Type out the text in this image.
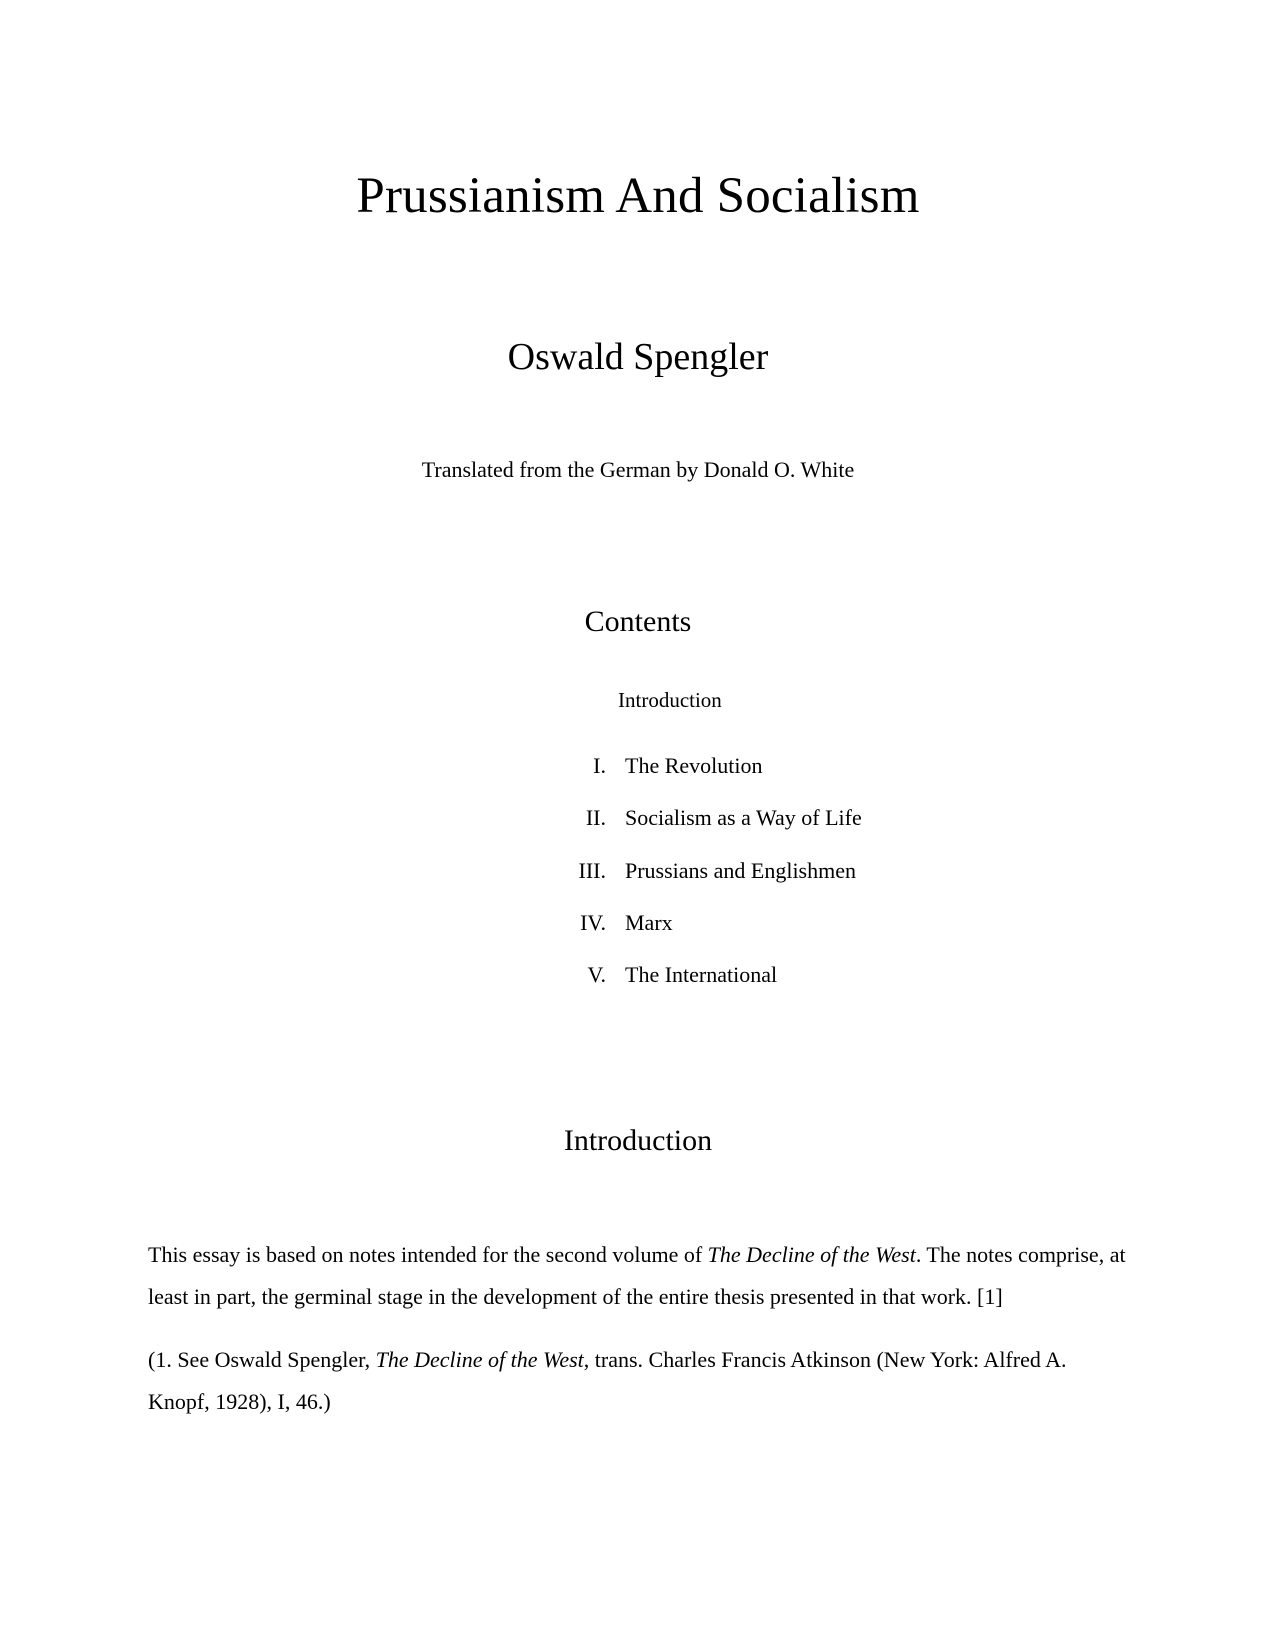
Prussianism And Socialism
Oswald Spengler

Translated from the German by Donald O. White

Contents
Introduction
I. The Revolution
II. Socialism as a Way of Life
III. Prussians and Englishmen
IV. Marx
V. The International
Introduction

This essay is based on notes intended for the second volume of The Decline of the West. The notes comprise, at least in part, the germinal stage in the development of the entire thesis presented in that work. [1]

(1. See Oswald Spengler, The Decline of the West, trans. Charles Francis Atkinson (New York: Alfred A. Knopf, 1928), I, 46.)
